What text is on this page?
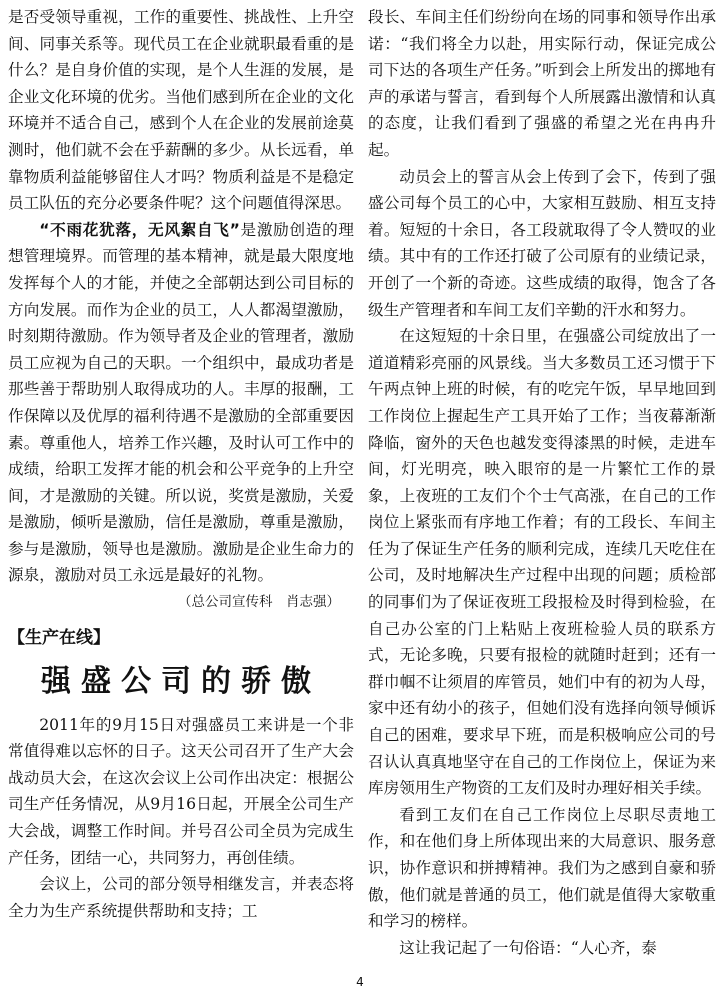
是否受领导重视，工作的重要性、挑战性、上升空间、同事关系等。现代员工在企业就职最看重的是什么？是自身价值的实现，是个人生涯的发展，是企业文化环境的优劣。当他们感到所在企业的文化环境并不适合自己，感到个人在企业的发展前途莫测时，他们就不会在乎薪酬的多少。从长远看，单靠物质利益能够留住人才吗？物质利益是不是稳定员工队伍的充分必要条件呢？这个问题值得深思。

“不雨花犹落，无风絮自飞”是激励创造的理想管理境界。而管理的基本精神，就是最大限度地发挥每个人的才能，并使之全部朝达到公司目标的方向发展。而作为企业的员工，人人都渴望激励，时刻期待激励。作为领导者及企业的管理者，激励员工应视为自己的天职。一个组织中，最成功者是那些善于帮助别人取得成功的人。丰厚的报酬，工作保障以及优厚的福利待遇不是激励的全部重要因素。尊重他人，培养工作兴趣，及时认可工作中的成绩，给职工发挥才能的机会和公平竞争的上升空间，才是激励的关键。所以说，奖赏是激励，关爱是激励，倾听是激励，信任是激励，尊重是激励，参与是激励，领导也是激励。激励是企业生命力的源泉，激励对员工永远是最好的礼物。

（总公司宣传科　肖志强）

【生产在线】
强盛公司的骄傲

2011年的9月15日对强盛员工来讲是一个非常值得难以忘怀的日子。这天公司召开了生产大会战动员大会，在这次会议上公司作出决定：根据公司生产任务情况，从9月16日起，开展全公司生产大会战，调整工作时间。并号召公司全员为完成生产任务，团结一心，共同努力，再创佳绩。

会议上，公司的部分领导相继发言，并表态将全力为生产系统提供帮助和支持；工

段长、车间主任们纷纷向在场的同事和领导作出承诺：“我们将全力以赴，用实际行动，保证完成公司下达的各项生产任务。”听到会上所发出的掷地有声的承诺与誓言，看到每个人所展露出激情和认真的态度，让我们看到了强盛的希望之光在冉冉升起。

动员会上的誓言从会上传到了会下，传到了强盛公司每个员工的心中，大家相互鼓励、相互支持着。短短的十余日，各工段就取得了令人赞叹的业绩。其中有的工作还打破了公司原有的业绩记录，开创了一个新的奇迹。这些成绩的取得，饱含了各级生产管理者和车间工友们辛勤的汗水和努力。

在这短短的十余日里，在强盛公司绽放出了一道道精彩亮丽的风景线。当大多数员工还习惯于下午两点钟上班的时候，有的吃完午饭，早早地回到工作岗位上握起生产工具开始了工作；当夜幕渐渐降临，窗外的天色也越发变得漆黑的时候，走进车间，灯光明亮，映入眼帘的是一片繁忙工作的景象，上夜班的工友们个个士气高涨，在自己的工作岗位上紧张而有序地工作着；有的工段长、车间主任为了保证生产任务的顺利完成，连续几天吃住在公司，及时地解决生产过程中出现的问题；质检部的同事们为了保证夜班工段报检及时得到检验，在自己办公室的门上粘贴上夜班检验人员的联系方式，无论多晚，只要有报检的就随时赶到；还有一群巾帼不让须眉的库管员，她们中有的初为人母，家中还有幼小的孩子，但她们没有选择向领导倾诉自己的困难，要求早下班，而是积极响应公司的号召认认真真地坚守在自己的工作岗位上，保证为来库房领用生产物资的工友们及时办理好相关手续。

看到工友们在自己工作岗位上尽职尽责地工作，和在他们身上所体现出来的大局意识、服务意识，协作意识和拼搏精神。我们为之感到自豪和骄傲，他们就是普通的员工，他们就是值得大家敬重和学习的榜样。

这让我记起了一句俗语：“人心齐，泰

4
